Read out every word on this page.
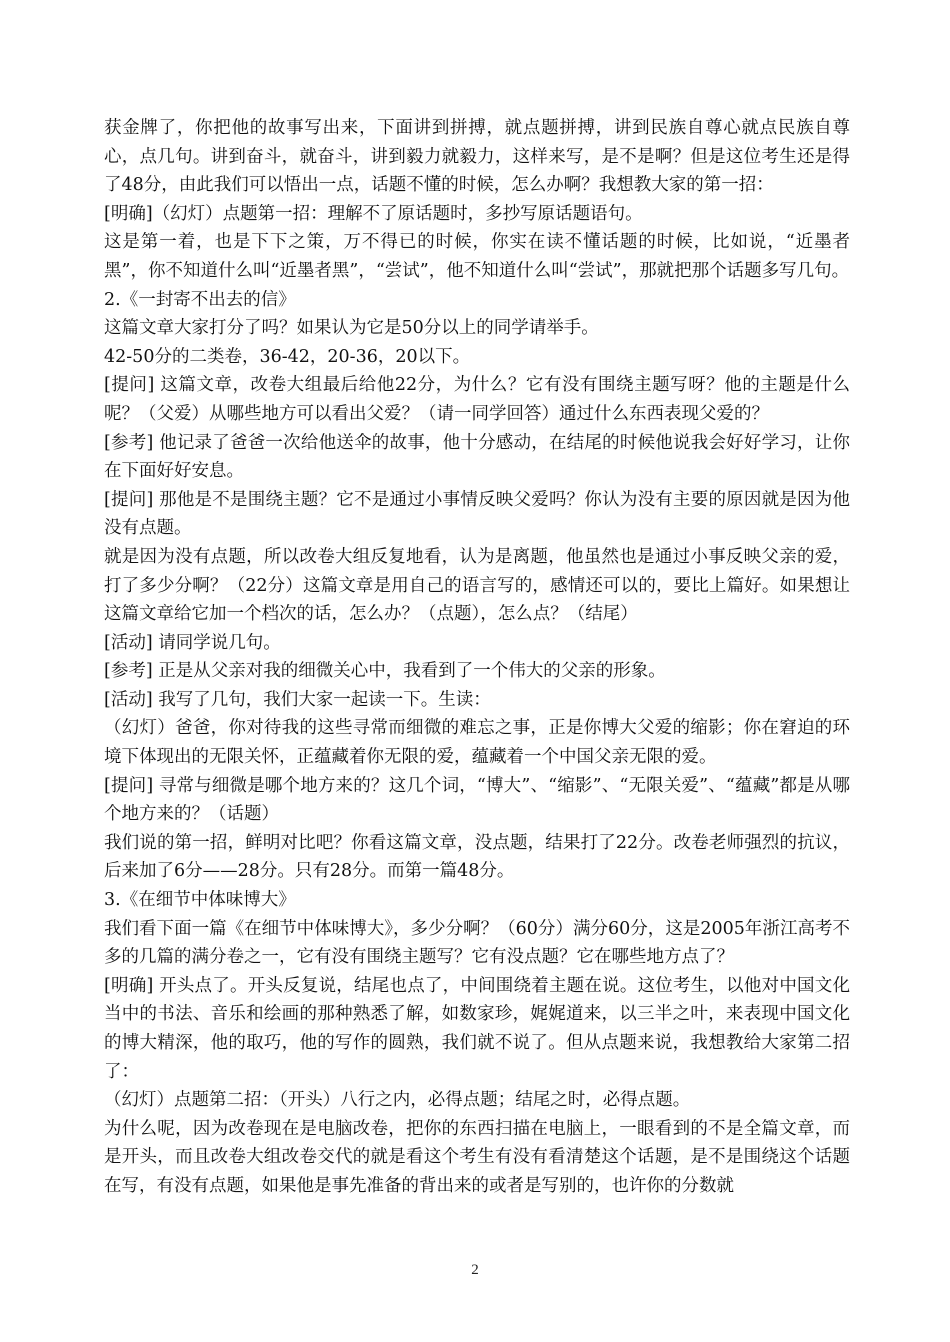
获金牌了，你把他的故事写出来，下面讲到拼搏，就点题拼搏，讲到民族自尊心就点民族自尊心，点几句。讲到奋斗，就奋斗，讲到毅力就毅力，这样来写，是不是啊？但是这位考生还是得了48分，由此我们可以悟出一点，话题不懂的时候，怎么办啊？我想教大家的第一招：

[明确]（幻灯）点题第一招：理解不了原话题时，多抄写原话题语句。

这是第一着，也是下下之策，万不得已的时候，你实在读不懂话题的时候，比如说，“近墨者黑”，你不知道什么叫“近墨者黑”，“尝试”，他不知道什么叫“尝试”，那就把那个话题多写几句。

2.《一封寄不出去的信》

这篇文章大家打分了吗？如果认为它是50分以上的同学请举手。

42-50分的二类卷，36-42，20-36，20以下。

[提问] 这篇文章，改卷大组最后给他22分，为什么？它有没有围绕主题写呀？他的主题是什么呢？（父爱）从哪些地方可以看出父爱？（请一同学回答）通过什么东西表现父爱的？

[参考] 他记录了爸爸一次给他送伞的故事，他十分感动，在结尾的时候他说我会好好学习，让你在下面好好安息。

[提问] 那他是不是围绕主题？它不是通过小事情反映父爱吗？你认为没有主要的原因就是因为他没有点题。

就是因为没有点题，所以改卷大组反复地看，认为是离题，他虽然也是通过小事反映父亲的爱，打了多少分啊？（22分）这篇文章是用自己的语言写的，感情还可以的，要比上篇好。如果想让这篇文章给它加一个档次的话，怎么办？（点题），怎么点？（结尾）

[活动] 请同学说几句。

[参考] 正是从父亲对我的细微关心中，我看到了一个伟大的父亲的形象。

[活动] 我写了几句，我们大家一起读一下。生读：

（幻灯）爸爸，你对待我的这些寻常而细微的难忘之事，正是你博大父爱的缩影；你在窘迫的环境下体现出的无限关怀，正蕴藏着你无限的爱，蕴藏着一个中国父亲无限的爱。

[提问] 寻常与细微是哪个地方来的？这几个词，“博大”、“缩影”、“无限关爱”、“蕴藏”都是从哪个地方来的？（话题）

我们说的第一招，鲜明对比吧？你看这篇文章，没点题，结果打了22分。改卷老师强烈的抗议，后来加了6分——28分。只有28分。而第一篇48分。

3.《在细节中体味博大》

我们看下面一篇《在细节中体味博大》，多少分啊？（60分）满分60分，这是2005年浙江高考不多的几篇的满分卷之一，它有没有围绕主题写？它有没点题？它在哪些地方点了？

[明确] 开头点了。开头反复说，结尾也点了，中间围绕着主题在说。这位考生，以他对中国文化当中的书法、音乐和绘画的那种熟悉了解，如数家珍，娓娓道来，以三半之叶，来表现中国文化的博大精深，他的取巧，他的写作的圆熟，我们就不说了。但从点题来说，我想教给大家第二招了：

（幻灯）点题第二招：（开头）八行之内，必得点题；结尾之时，必得点题。

为什么呢，因为改卷现在是电脑改卷，把你的东西扫描在电脑上，一眼看到的不是全篇文章，而是开头，而且改卷大组改卷交代的就是看这个考生有没有看清楚这个话题，是不是围绕这个话题在写，有没有点题，如果他是事先准备的背出来的或者是写别的，也许你的分数就

2
